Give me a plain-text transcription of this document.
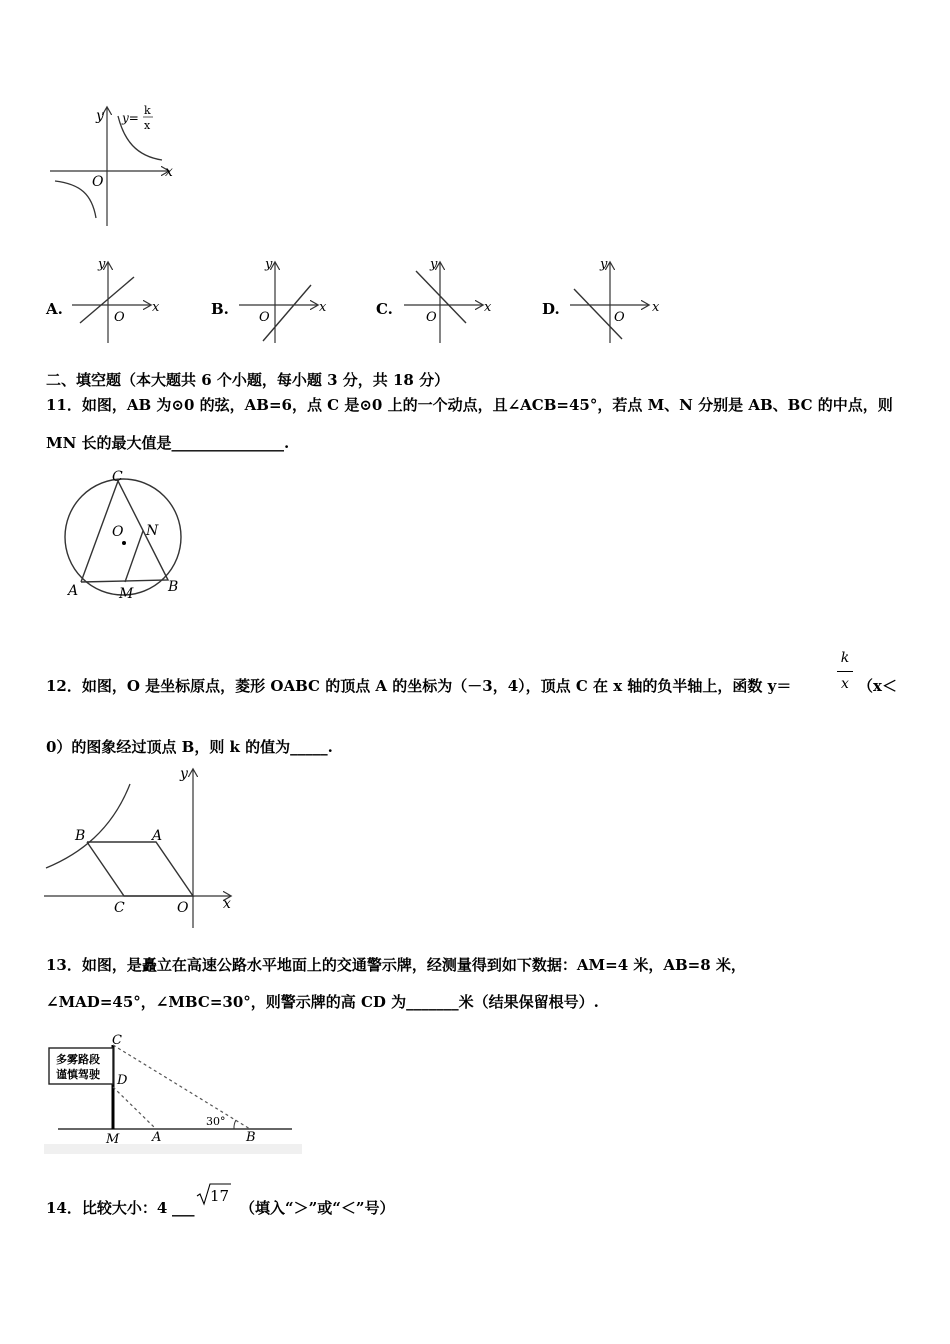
y y=
k
x
x
O
A.
y
x
O	B.
y
x
O	C.
y
x
O	D.
y
x
O
二、填空题（本大题共 6 个小题，每小题 3 分，共 18 分）
11．如图，AB 为⊙0 的弦，AB=6，点 C 是⊙0 上的一个动点，且∠ACB=45°，若点 M、N 分别是 AB、BC 的中点，则
MN 长的最大值是_______________.
C
O N
A	M B
12．如图，O 是坐标原点，菱形 OABC 的顶点 A 的坐标为（－3，4），顶点 C 在 x 轴的负半轴上，函数 y＝
k
x （x＜
0）的图象经过顶点 B，则 k 的值为_____.
y
B	A
C	O x
13．如图，是矗立在高速公路水平地面上的交通警示牌，经测量得到如下数据：AM=4 米，AB=8 米，
∠MAD=45°，∠MBC=30°，则警示牌的高 CD 为_______米（结果保留根号）.
多雾路段
谨慎驾驶
C
D
M	A	B
30°
14．比较大小：4 ___
17
（填入“＞”或“＜”号）
